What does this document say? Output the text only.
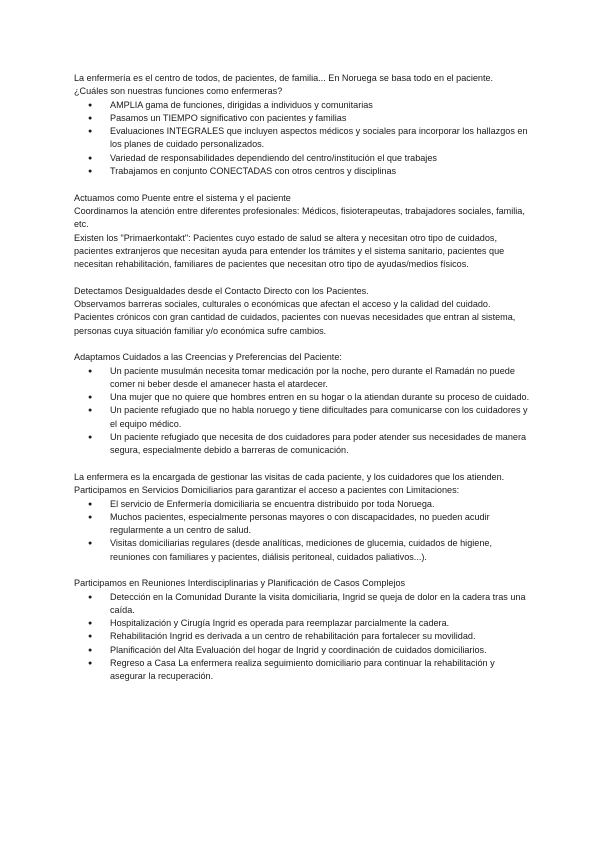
La enfermería es el centro de todos, de pacientes, de familia... En Noruega se basa todo en el paciente.

¿Cuáles son nuestras funciones como enfermeras?

● AMPLIA gama de funciones, dirigidas a individuos y comunitarias
● Pasamos un TIEMPO significativo con pacientes y familias
● Evaluaciones INTEGRALES que incluyen aspectos médicos y sociales para incorporar los hallazgos en los planes de cuidado personalizados.
● Variedad de responsabilidades dependiendo del centro/institución el que trabajes
● Trabajamos en conjunto CONECTADAS con otros centros y disciplinas

Actuamos como Puente entre el sistema y el paciente

Coordinamos la atención entre diferentes profesionales: Médicos, fisioterapeutas, trabajadores sociales, familia, etc.

Existen los "Primaerkontakt": Pacientes cuyo estado de salud se altera y necesitan otro tipo de cuidados, pacientes extranjeros que necesitan ayuda para entender los trámites y el sistema sanitario, pacientes que necesitan rehabilitación, familiares de pacientes que necesitan otro tipo de ayudas/medios físicos.

Detectamos Desigualdades desde el Contacto Directo con los Pacientes.

Observamos barreras sociales, culturales o económicas que afectan el acceso y la calidad del cuidado.

Pacientes crónicos con gran cantidad de cuidados, pacientes con nuevas necesidades que entran al sistema, personas cuya situación familiar y/o económica sufre cambios.

Adaptamos Cuidados a las Creencias y Preferencias del Paciente:

● Un paciente musulmán necesita tomar medicación por la noche, pero durante el Ramadán no puede comer ni beber desde el amanecer hasta el atardecer.
● Una mujer que no quiere que hombres entren en su hogar o la atiendan durante su proceso de cuidado.
● Un paciente refugiado que no habla noruego y tiene dificultades para comunicarse con los cuidadores y el equipo médico.
● Un paciente refugiado que necesita de dos cuidadores para poder atender sus necesidades de manera segura, especialmente debido a barreras de comunicación.

La enfermera es la encargada de gestionar las visitas de cada paciente, y los cuidadores que los atienden.

Participamos en Servicios Domiciliarios para garantizar el acceso a pacientes con Limitaciones:

● El servicio de Enfermería domiciliaria se encuentra distribuido por toda Noruega.
● Muchos pacientes, especialmente personas mayores o con discapacidades, no pueden acudir regularmente a un centro de salud.
● Visitas domiciliarias regulares (desde analíticas, mediciones de glucemia, cuidados de higiene, reuniones con familiares y pacientes, diálisis peritoneal, cuidados paliativos...).

Participamos en Reuniones Interdisciplinarias y Planificación de Casos Complejos

● Detección en la Comunidad Durante la visita domiciliaria, Ingrid se queja de dolor en la cadera tras una caída.
● Hospitalización y Cirugía Ingrid es operada para reemplazar parcialmente la cadera.
● Rehabilitación Ingrid es derivada a un centro de rehabilitación para fortalecer su movilidad.
● Planificación del Alta Evaluación del hogar de Ingrid y coordinación de cuidados domiciliarios.
● Regreso a Casa La enfermera realiza seguimiento domiciliario para continuar la rehabilitación y asegurar la recuperación.
